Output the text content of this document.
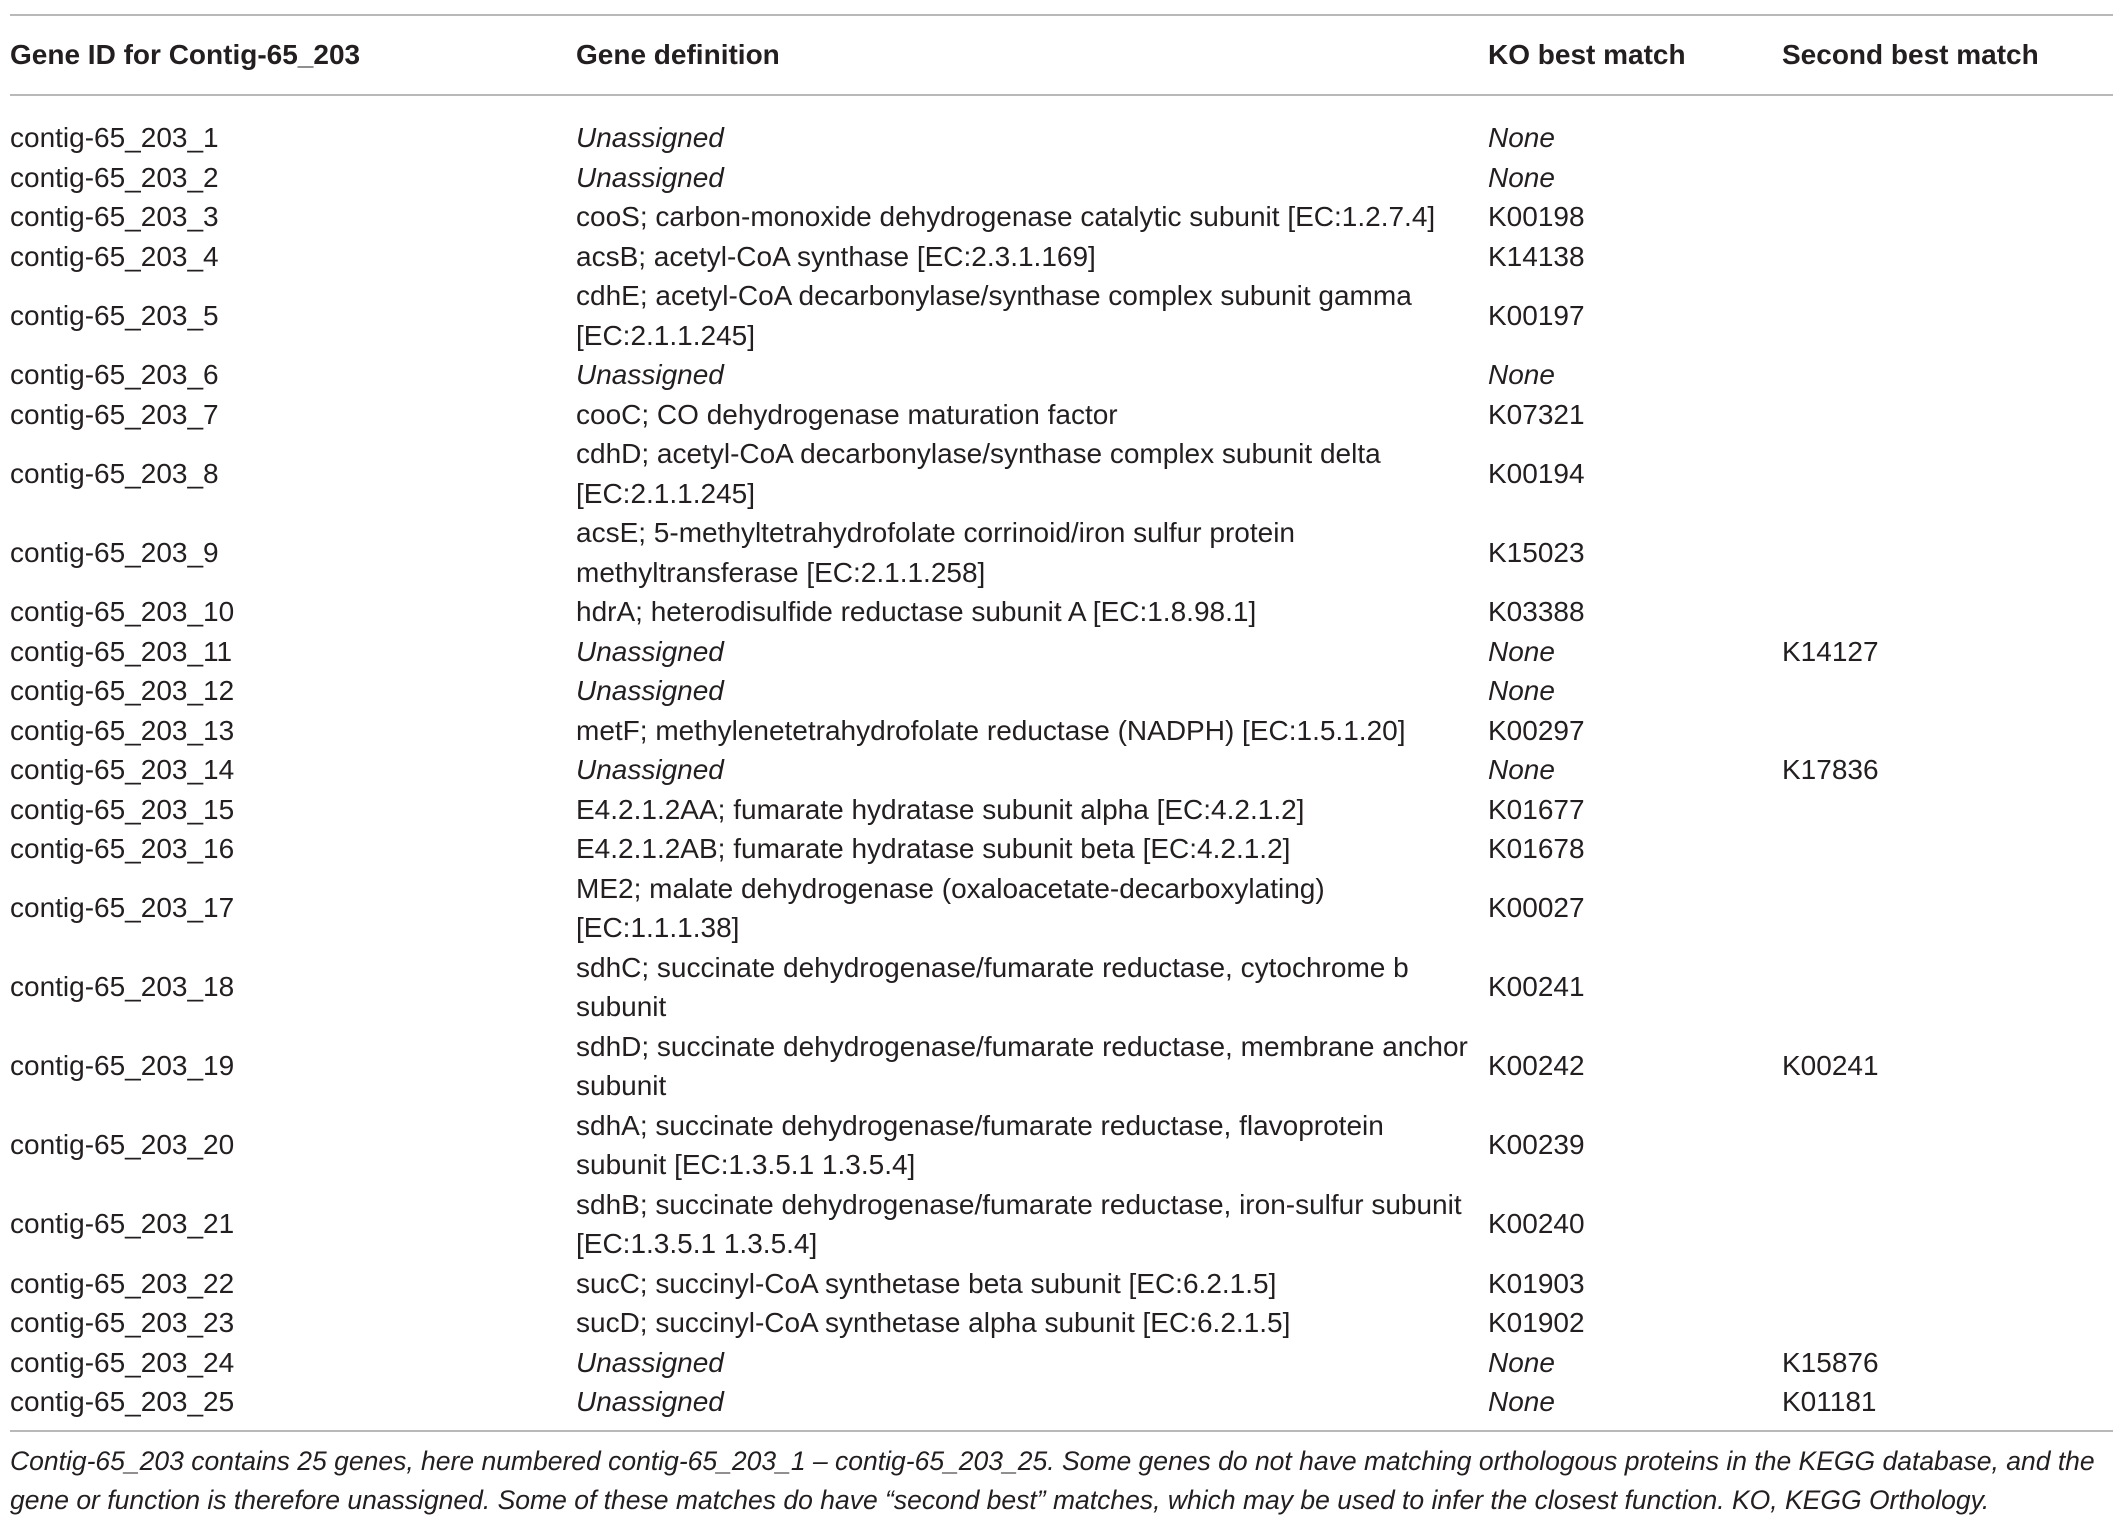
Gene ID for Contig-65_203	Gene definition	KO best match	Second best match
contig-65_203_1	Unassigned	None	
contig-65_203_2	Unassigned	None	
contig-65_203_3	cooS; carbon-monoxide dehydrogenase catalytic subunit [EC:1.2.7.4]	K00198	
contig-65_203_4	acsB; acetyl-CoA synthase [EC:2.3.1.169]	K14138	
contig-65_203_5	cdhE; acetyl-CoA decarbonylase/synthase complex subunit gamma [EC:2.1.1.245]	K00197	
contig-65_203_6	Unassigned	None	
contig-65_203_7	cooC; CO dehydrogenase maturation factor	K07321	
contig-65_203_8	cdhD; acetyl-CoA decarbonylase/synthase complex subunit delta [EC:2.1.1.245]	K00194	
contig-65_203_9	acsE; 5-methyltetrahydrofolate corrinoid/iron sulfur protein methyltransferase [EC:2.1.1.258]	K15023	
contig-65_203_10	hdrA; heterodisulfide reductase subunit A [EC:1.8.98.1]	K03388	
contig-65_203_11	Unassigned	None	K14127
contig-65_203_12	Unassigned	None	
contig-65_203_13	metF; methylenetetrahydrofolate reductase (NADPH) [EC:1.5.1.20]	K00297	
contig-65_203_14	Unassigned	None	K17836
contig-65_203_15	E4.2.1.2AA; fumarate hydratase subunit alpha [EC:4.2.1.2]	K01677	
contig-65_203_16	E4.2.1.2AB; fumarate hydratase subunit beta [EC:4.2.1.2]	K01678	
contig-65_203_17	ME2; malate dehydrogenase (oxaloacetate-decarboxylating) [EC:1.1.1.38]	K00027	
contig-65_203_18	sdhC; succinate dehydrogenase/fumarate reductase, cytochrome b subunit	K00241	
contig-65_203_19	sdhD; succinate dehydrogenase/fumarate reductase, membrane anchor subunit	K00242	K00241
contig-65_203_20	sdhA; succinate dehydrogenase/fumarate reductase, flavoprotein subunit [EC:1.3.5.1 1.3.5.4]	K00239	
contig-65_203_21	sdhB; succinate dehydrogenase/fumarate reductase, iron-sulfur subunit [EC:1.3.5.1 1.3.5.4]	K00240	
contig-65_203_22	sucC; succinyl-CoA synthetase beta subunit [EC:6.2.1.5]	K01903	
contig-65_203_23	sucD; succinyl-CoA synthetase alpha subunit [EC:6.2.1.5]	K01902	
contig-65_203_24	Unassigned	None	K15876
contig-65_203_25	Unassigned	None	K01181
Contig-65_203 contains 25 genes, here numbered contig-65_203_1 – contig-65_203_25. Some genes do not have matching orthologous proteins in the KEGG database, and the gene or function is therefore unassigned. Some of these matches do have “second best” matches, which may be used to infer the closest function. KO, KEGG Orthology.
